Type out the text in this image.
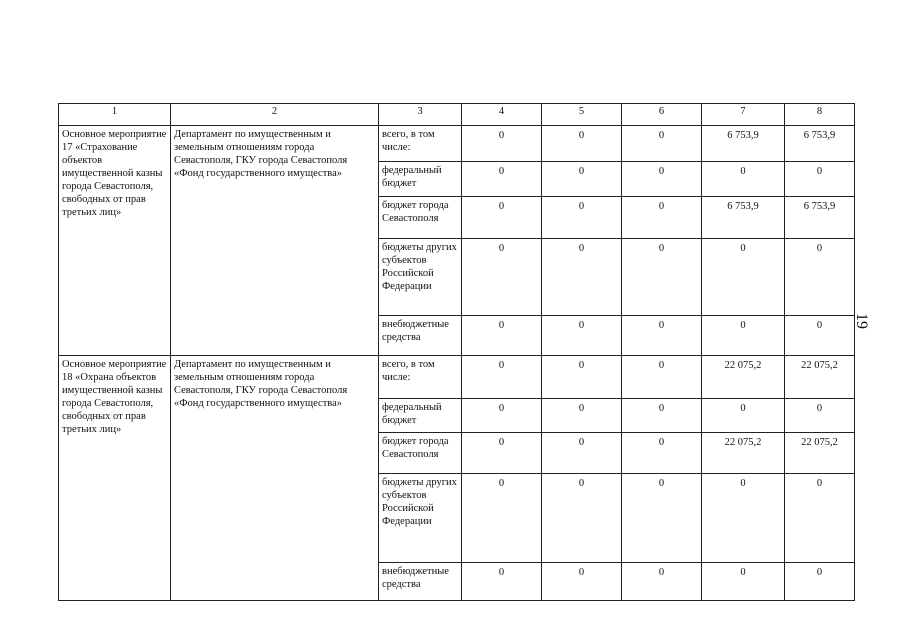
1	2	3	4	5	6	7	8

Основное мероприятие 17 «Страхование объектов имущественной казны города Севастополя, свободных от прав третьих лиц»	Департамент по имущественным и земельным отношениям города Севастополя, ГКУ города Севастополя «Фонд государственного имущества»	всего, в том числе:	0	0	0	6 753,9	6 753,9
		федеральный бюджет	0	0	0	0	0
		бюджет города Севастополя	0	0	0	6 753,9	6 753,9
		бюджеты других субъектов Российской Федерации	0	0	0	0	0
		внебюджетные средства	0	0	0	0	0

Основное мероприятие 18 «Охрана объектов имущественной казны города Севастополя, свободных от прав третьих лиц»	Департамент по имущественным и земельным отношениям города Севастополя, ГКУ города Севастополя «Фонд государственного имущества»	всего, в том числе:	0	0	0	22 075,2	22 075,2
		федеральный бюджет	0	0	0	0	0
		бюджет города Севастополя	0	0	0	22 075,2	22 075,2
		бюджеты других субъектов Российской Федерации	0	0	0	0	0
		внебюджетные средства	0	0	0	0	0
19
